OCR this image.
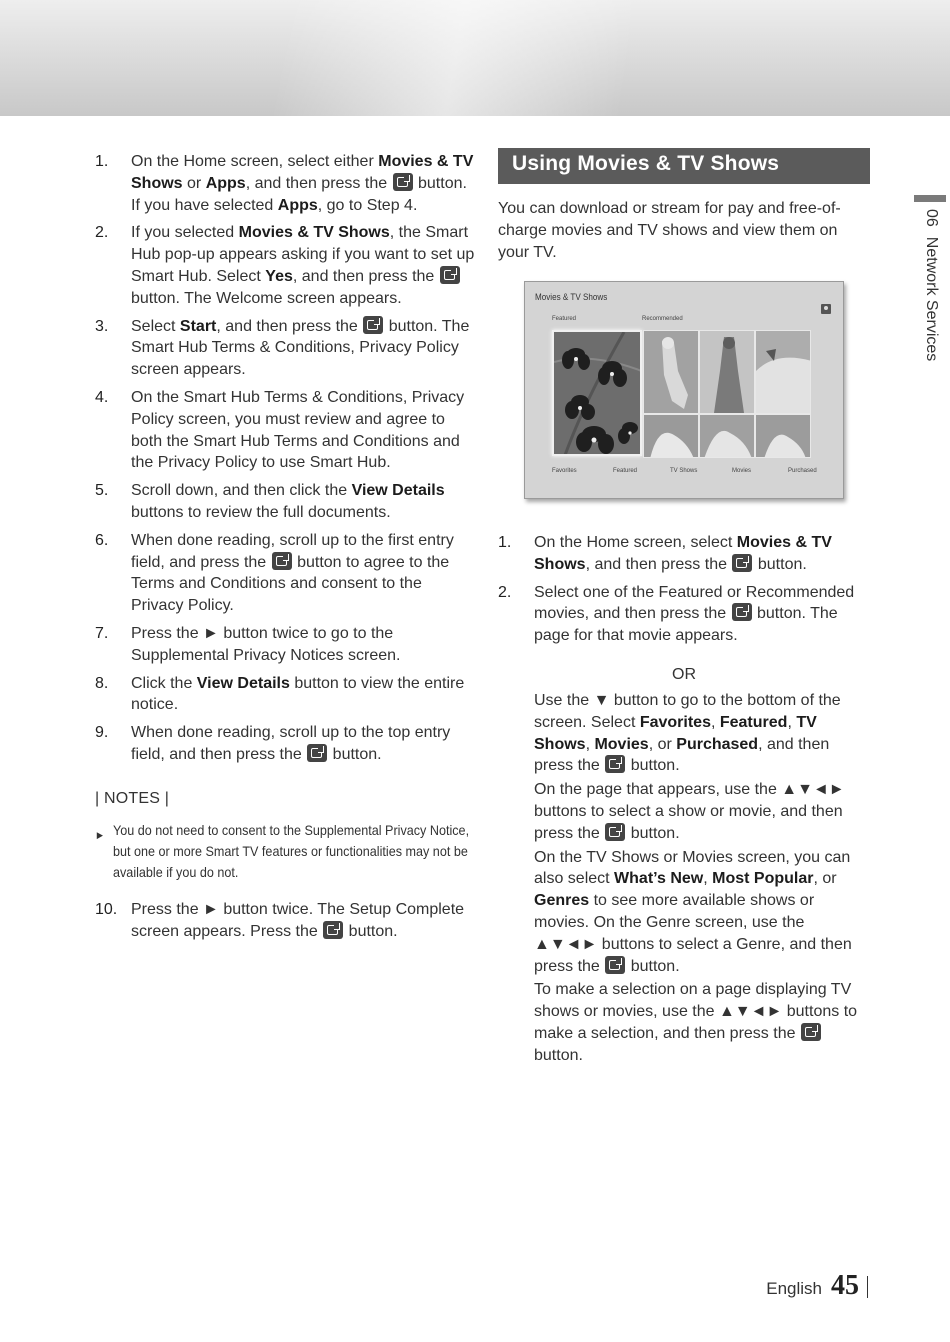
1.	On the Home screen, select either Movies & TV Shows or Apps, and then press the  button. If you have selected Apps, go to Step 4.
2.	If you selected Movies & TV Shows, the Smart Hub pop-up appears asking if you want to set up Smart Hub. Select Yes, and then press the  button. The Welcome screen appears.
3.	Select Start, and then press the  button. The Smart Hub Terms & Conditions, Privacy Policy screen appears.
4.	On the Smart Hub Terms & Conditions, Privacy Policy screen, you must review and agree to both the Smart Hub Terms and Conditions and the Privacy Policy to use Smart Hub.
5.	Scroll down, and then click the View Details buttons to review the full documents.
6.	When done reading, scroll up to the first entry field, and press the  button to agree to the Terms and Conditions and consent to the Privacy Policy.
7.	Press the ► button twice to go to the Supplemental Privacy Notices screen.
8.	Click the View Details button to view the entire notice.
9.	When done reading, scroll up to the top entry field, and then press the  button.
| NOTES |
▶ You do not need to consent to the Supplemental Privacy Notice, but one or more Smart TV features or functionalities may not be available if you do not.
10. Press the ► button twice. The Setup Complete screen appears. Press the  button.
Using Movies & TV Shows
You can download or stream for pay and free-of-charge movies and TV shows and view them on your TV.
Movies & TV Shows
Featured	Recommended
Favorites	Featured	TV Shows	Movies	Purchased
1.	On the Home screen, select Movies & TV Shows, and then press the  button.
2.	Select one of the Featured or Recommended movies, and then press the  button. The page for that movie appears.
OR

Use the ▼ button to go to the bottom of the screen. Select Favorites, Featured, TV Shows, Movies, or Purchased, and then press the  button.

On the page that appears, use the ▲▼◄► buttons to select a show or movie, and then press the  button.

On the TV Shows or Movies screen, you can also select What’s New, Most Popular, or Genres to see more available shows or movies. On the Genre screen, use the ▲▼◄► buttons to select a Genre, and then press the  button.

To make a selection on a page displaying TV shows or movies, use the ▲▼◄► buttons to make a selection, and then press the  button.

06Network Services
English 45
